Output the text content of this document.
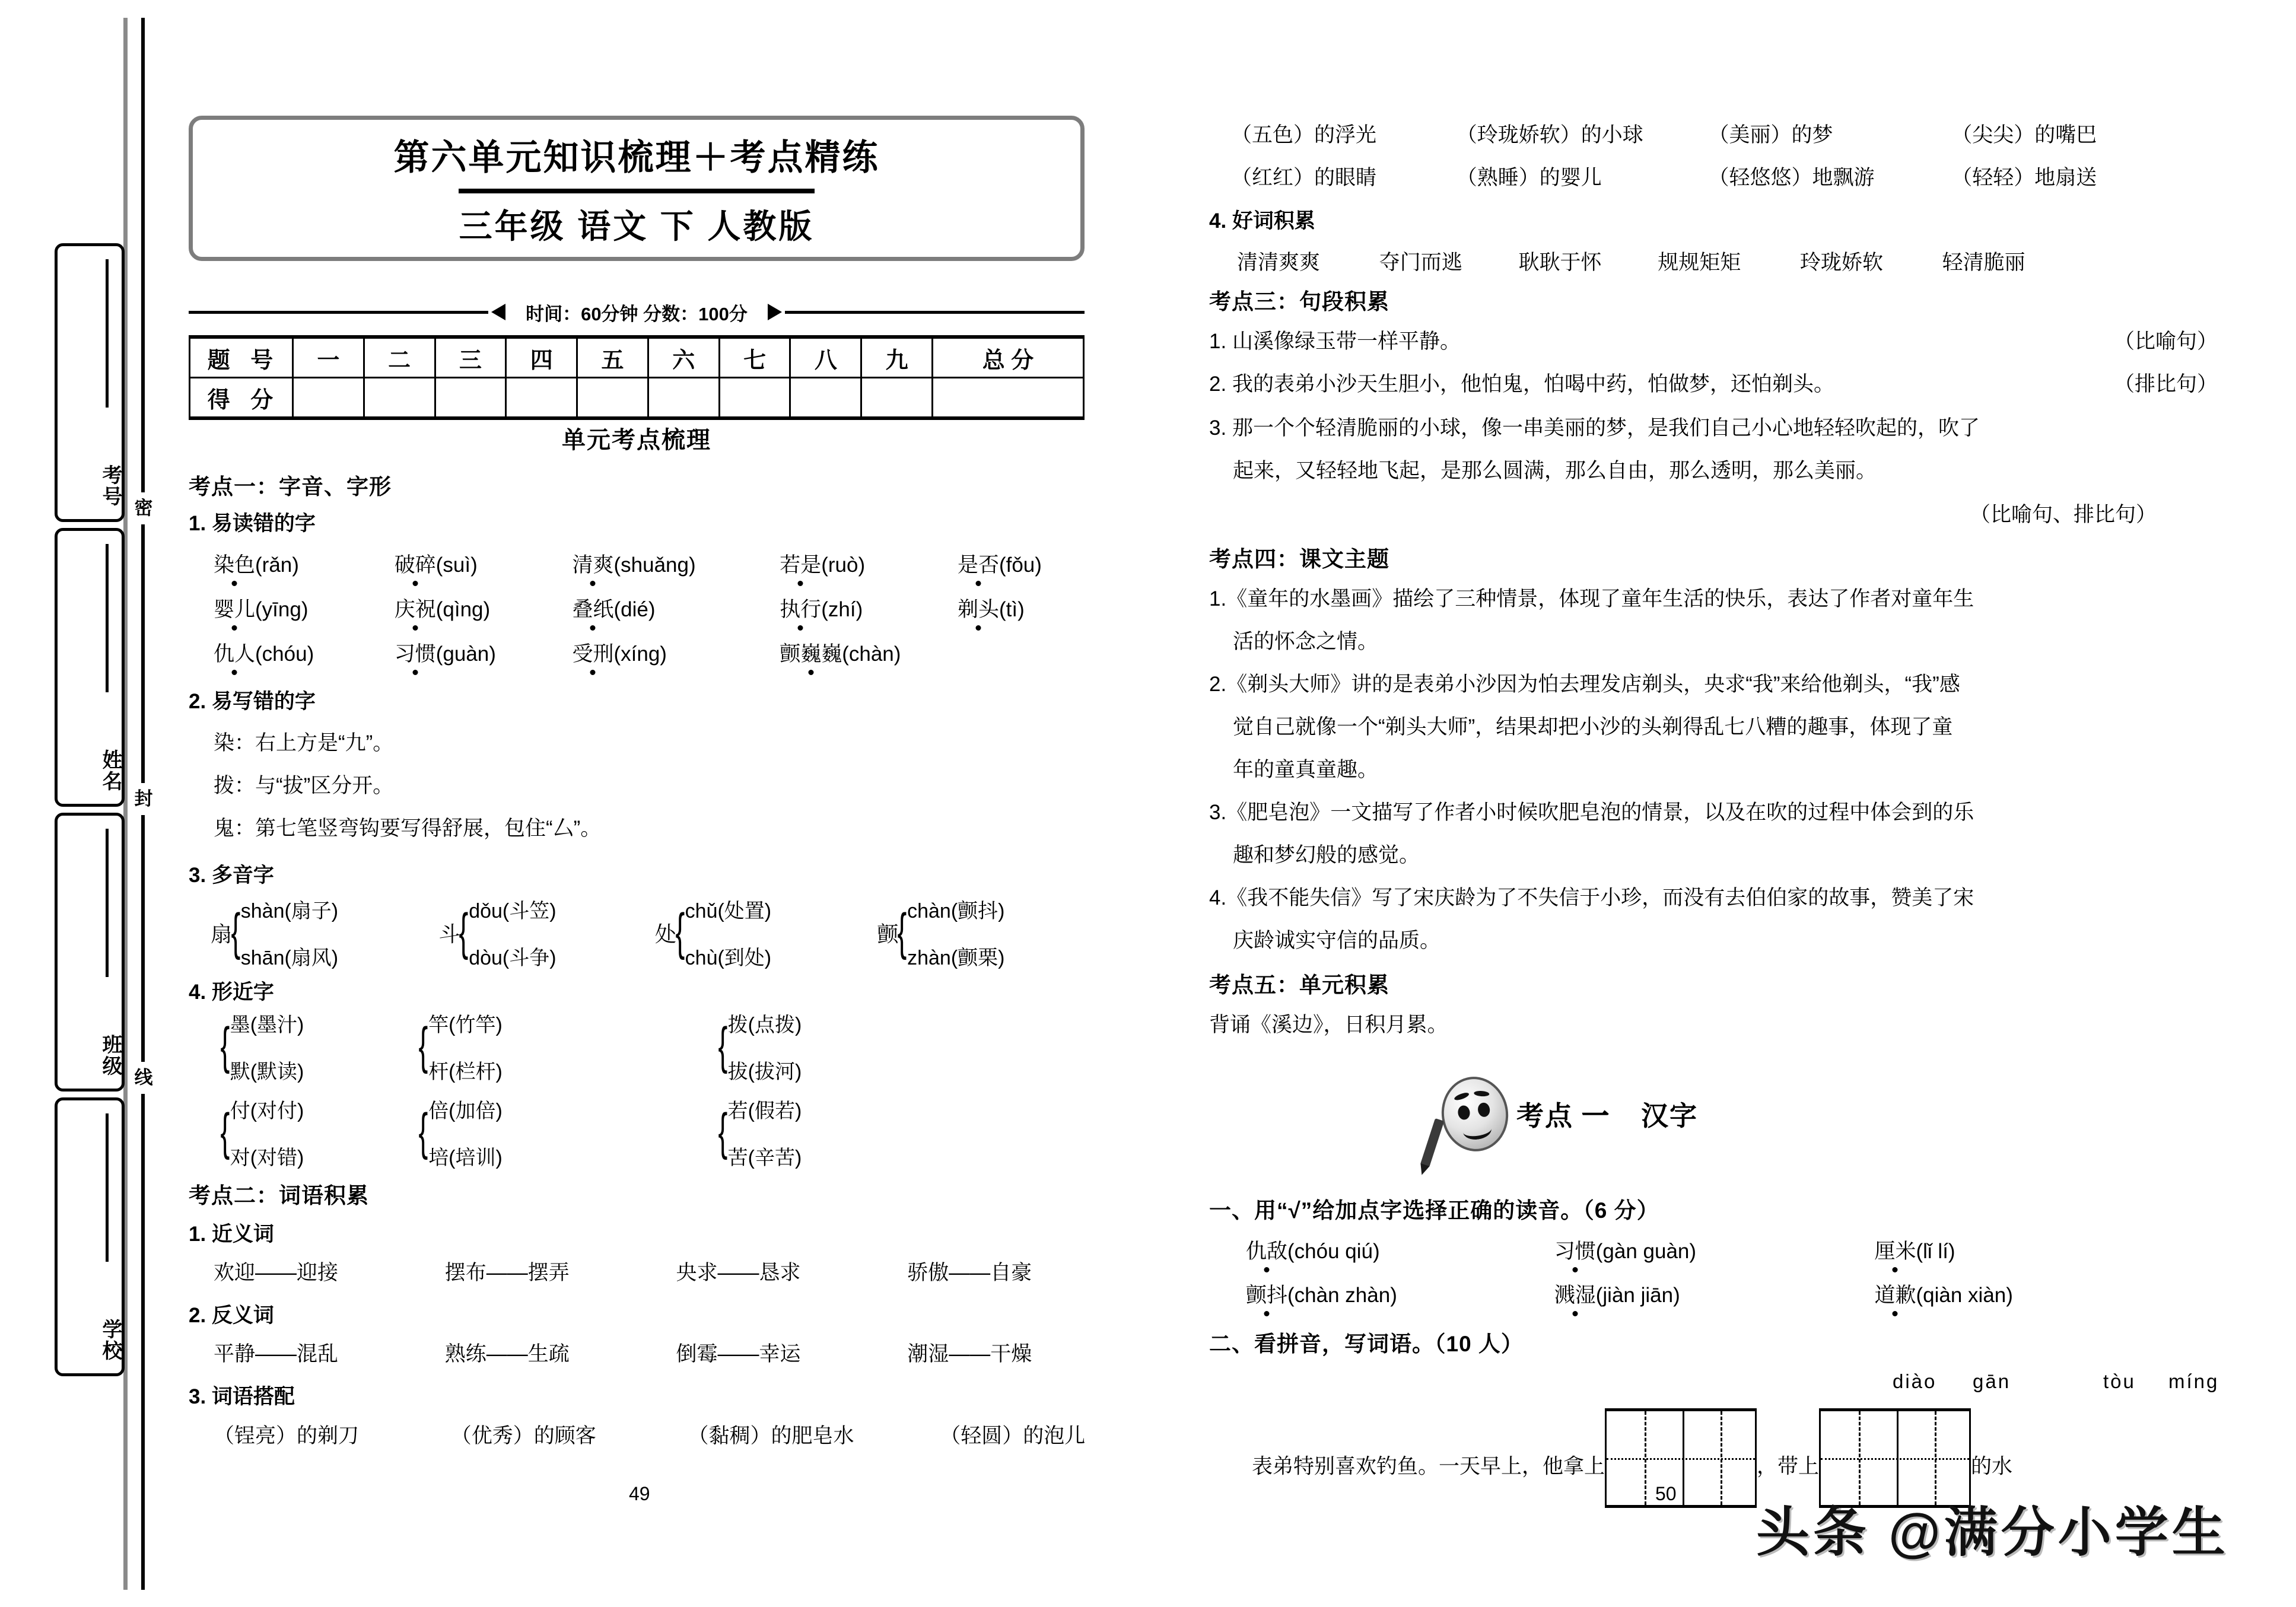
密
封
线
考号
姓名
班级
学校
第六单元知识梳理＋考点精练
三年级 语文 下 人教版
时间：60分钟 分数：100分
题 号	一	二	三	四	五	六	七	八	九	总 分
得 分										
单元考点梳理
考点一：字音、字形
1. 易读错的字
染色(rǎn)	破碎(suì)	清爽(shuǎng)	若是(ruò)	是否(fǒu)
婴儿(yīng)	庆祝(qìng)	叠纸(dié)	执行(zhí)	剃头(tì)
仇人(chóu)	习惯(guàn)	受刑(xíng)	颤巍巍(chàn)
2. 易写错的字
染：右上方是“九”。
拨：与“拔”区分开。
鬼：第七笔竖弯钩要写得舒展，包住“厶”。
3. 多音字
扇
{ shàn(扇子)
shān(扇风)

斗
{ dǒu(斗笠)
dòu(斗争)

处
{ chǔ(处置)
chù(到处)

颤
{ chàn(颤抖)
zhàn(颤栗)
4. 形近字
{ 墨(墨汁)
默(默读)
{ 竿(竹竿)
杆(栏杆)
	{ 拨(点拨)
拔(拔河)
{ 付(对付)
对(对错)
{ 倍(加倍)
培(培训)
	{ 若(假若)
苦(辛苦)
考点二：词语积累
1. 近义词
欢迎——迎接	摆布——摆弄	央求——恳求	骄傲——自豪
2. 反义词
平静——混乱	熟练——生疏	倒霉——幸运	潮湿——干燥
3. 词语搭配
（锃亮）的剃刀	（优秀）的顾客	（黏稠）的肥皂水	（轻圆）的泡儿
49
（五色）的浮光	（玲珑娇软）的小球	（美丽）的梦	（尖尖）的嘴巴
（红红）的眼睛	（熟睡）的婴儿	（轻悠悠）地飘游	（轻轻）地扇送
4. 好词积累
清清爽爽	夺门而逃	耿耿于怀	规规矩矩	玲珑娇软	轻清脆丽
考点三：句段积累
1. 山溪像绿玉带一样平静。	（比喻句）
2. 我的表弟小沙天生胆小，他怕鬼，怕喝中药，怕做梦，还怕剃头。	（排比句）
3. 那一个个轻清脆丽的小球，像一串美丽的梦，是我们自己小心地轻轻吹起的，吹了
起来，又轻轻地飞起，是那么圆满，那么自由，那么透明，那么美丽。
（比喻句、排比句）
考点四：课文主题
1.《童年的水墨画》描绘了三种情景，体现了童年生活的快乐，表达了作者对童年生
活的怀念之情。
2.《剃头大师》讲的是表弟小沙因为怕去理发店剃头，央求“我”来给他剃头，“我”感
觉自己就像一个“剃头大师”，结果却把小沙的头剃得乱七八糟的趣事，体现了童
年的童真童趣。
3.《肥皂泡》一文描写了作者小时候吹肥皂泡的情景，以及在吹的过程中体会到的乐
趣和梦幻般的感觉。
4.《我不能失信》写了宋庆龄为了不失信于小珍，而没有去伯伯家的故事，赞美了宋
庆龄诚实守信的品质。
考点五：单元积累
背诵《溪边》，日积月累。
考点 一 汉字
一、用“√”给加点字选择正确的读音。（6 分）
仇敌(chóu qiú)	习惯(gàn guàn)	厘米(lǐ lí)
颤抖(chàn zhàn)	溅湿(jiàn jiān)	道歉(qiàn xiàn)
二、看拼音，写词语。（10 人）
diào gān	tòu míng
表弟特别喜欢钓鱼。一天早上，他拿上	，带上	的水
50
头条 @满分小学生
